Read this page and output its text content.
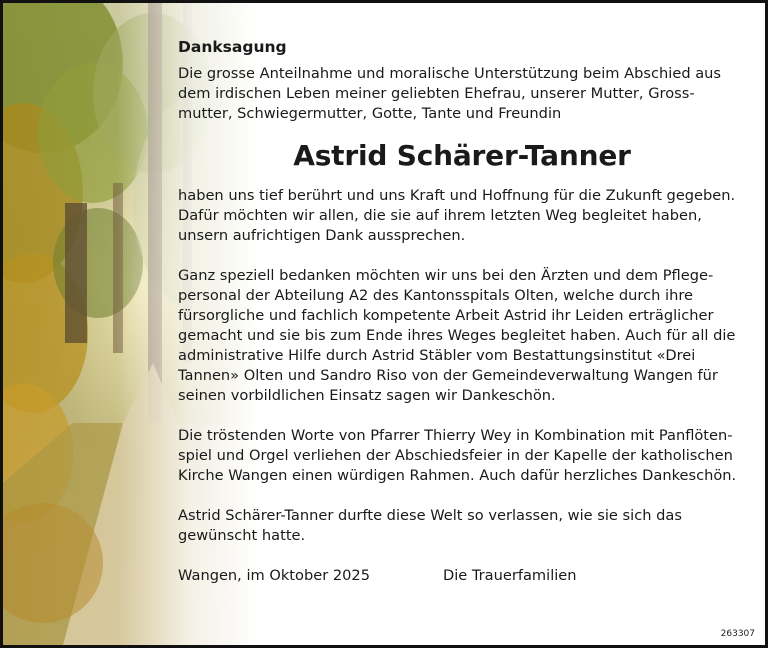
Danksagung

Die grosse Anteilnahme und moralische Unterstützung beim Abschied aus dem irdischen Leben meiner geliebten Ehefrau, unserer Mutter, Gross-mutter, Schwiegermutter, Gotte, Tante und Freundin

Astrid Schärer-Tanner

haben uns tief berührt und uns Kraft und Hoffnung für die Zukunft gegeben. Dafür möchten wir allen, die sie auf ihrem letzten Weg begleitet haben, unsern aufrichtigen Dank aussprechen.

Ganz speziell bedanken möchten wir uns bei den Ärzten und dem Pflege-personal der Abteilung A2 des Kantonsspitals Olten, welche durch ihre fürsorgliche und fachlich kompetente Arbeit Astrid ihr Leiden erträglicher gemacht und sie bis zum Ende ihres Weges begleitet haben. Auch für all die administrative Hilfe durch Astrid Stäbler vom Bestattungsinstitut «Drei Tannen» Olten und Sandro Riso von der Gemeindeverwaltung Wangen für seinen vorbildlichen Einsatz sagen wir Dankeschön.

Die tröstenden Worte von Pfarrer Thierry Wey in Kombination mit Panflöten-spiel und Orgel verliehen der Abschiedsfeier in der Kapelle der katholischen Kirche Wangen einen würdigen Rahmen. Auch dafür herzliches Dankeschön.

Astrid Schärer-Tanner durfte diese Welt so verlassen, wie sie sich das gewünscht hatte.

Wangen, im Oktober 2025	Die Trauerfamilien
263307
